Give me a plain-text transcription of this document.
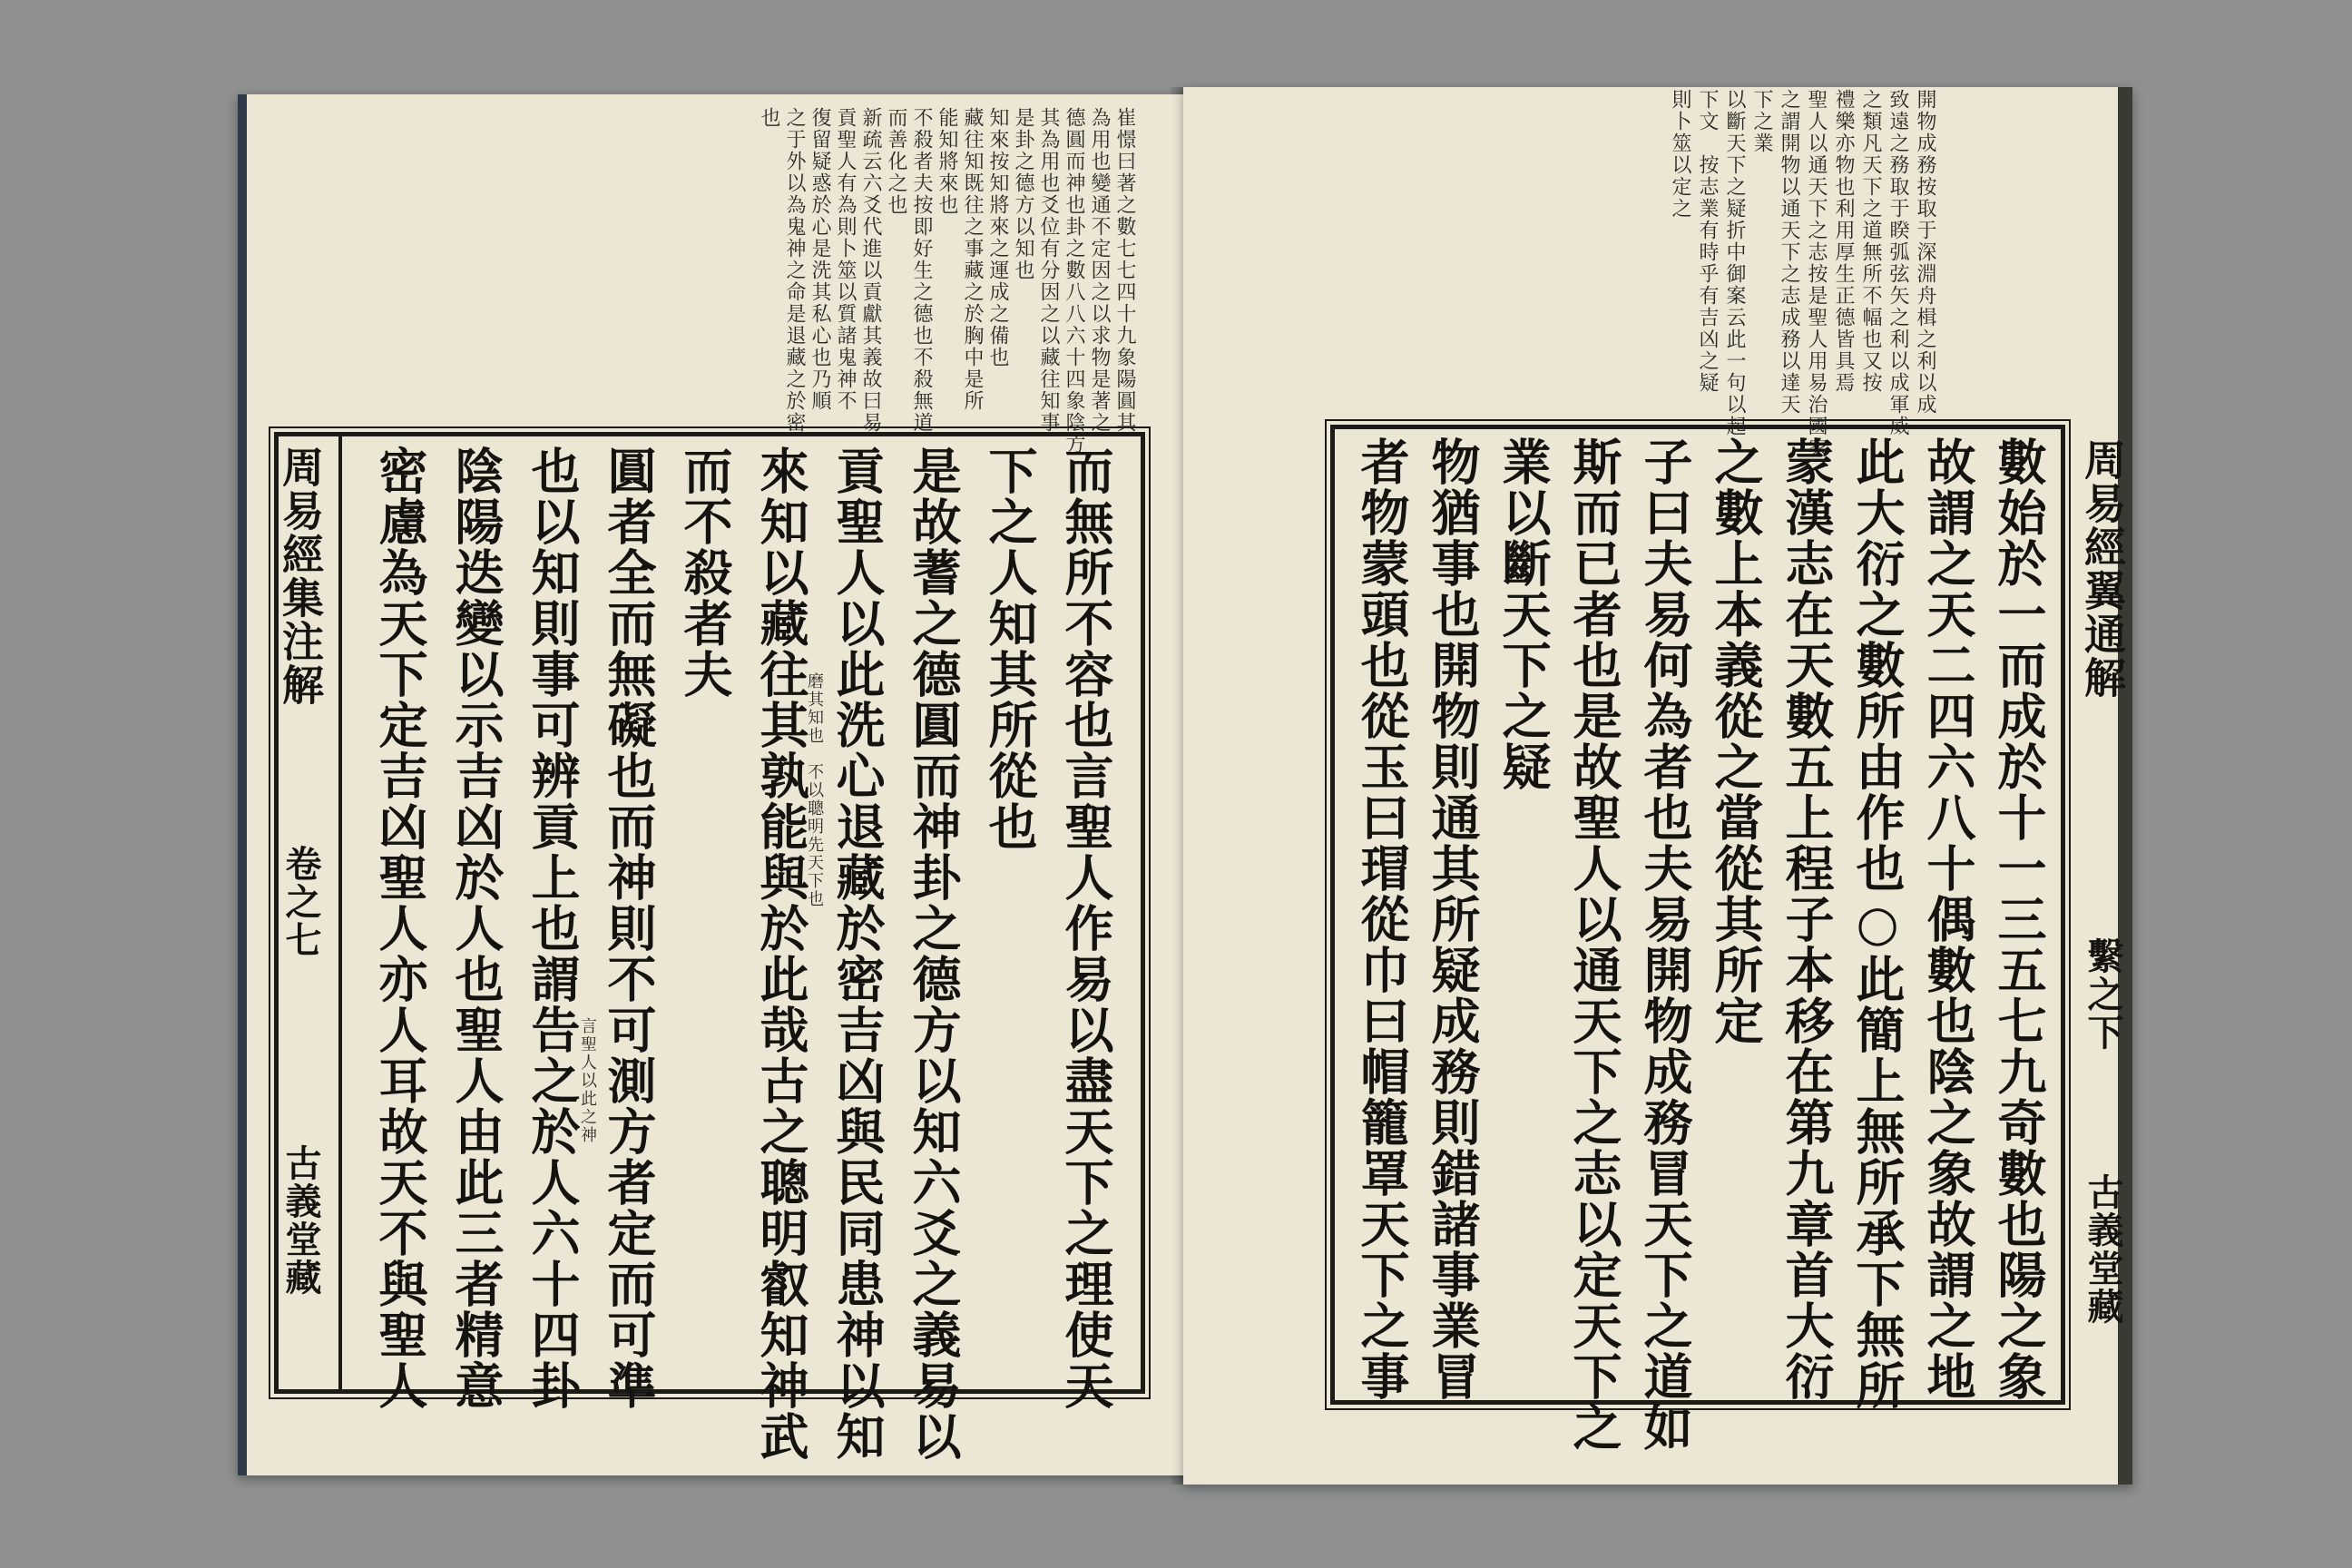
崔憬曰著之數七七四十九象陽圓其
為用也變通不定因之以求物是著之
德圓而神也卦之數八八六十四象陰方
其為用也爻位有分因之以藏往知事
是卦之德方以知也
知來按知將來之運成之備也
藏往知既往之事藏之於胸中是所
能知將來也
不殺者夫按即好生之德也不殺無道
而善化之也
新疏云六爻代進以貢獻其義故曰易
貢聖人有為則卜筮以質諸鬼神不
復留疑惑於心是洗其私心也乃順
之于外以為鬼神之命是退藏之於密
也
周易經集注解
卷之七
古義堂藏	而無所不容也言聖人作易以盡天下之理使天
下之人知其所從也
是故蓍之德圓而神卦之德方以知六爻之義易以
貢聖人以此洗心退藏於密吉凶與民同患神以知
來知以藏往其孰能與於此哉古之聰明叡知神武
而不殺者夫
圓者全而無礙也而神則不可測方者定而可準
也以知則事可辨貢上也謂告之於人六十四卦
陰陽迭變以示吉凶於人也聖人由此三者精意
密慮為天下定吉凶聖人亦人耳故天不與聖人	磨其知也　不以聰明先天下也
言聖人以此之神
開物成務按取于深淵舟楫之利以成
致遠之務取于睽弧弦矢之利以成軍威
之類凡天下之道無所不幅也又按
禮樂亦物也利用厚生正德皆具焉
聖人以通天下之志按是聖人用易治國家
之謂開物以通天下之志成務以達天
下之業
以斷天下之疑折中御案云此一句以起
下文　按志業有時乎有吉凶之疑
則卜筮以定之
周易經翼通解
繫之下
古義堂藏
數始於一而成於十一三五七九奇數也陽之象
故謂之天二四六八十偶數也陰之象故謂之地
此大衍之數所由作也○此簡上無所承下無所
蒙漢志在天數五上程子本移在第九章首大衍
之數上本義從之當從其所定
子曰夫易何為者也夫易開物成務冒天下之道如
斯而已者也是故聖人以通天下之志以定天下之
業以斷天下之疑
物猶事也開物則通其所疑成務則錯諸事業冒
者物蒙頭也從玉曰瑁從巾曰帽籠罩天下之事
